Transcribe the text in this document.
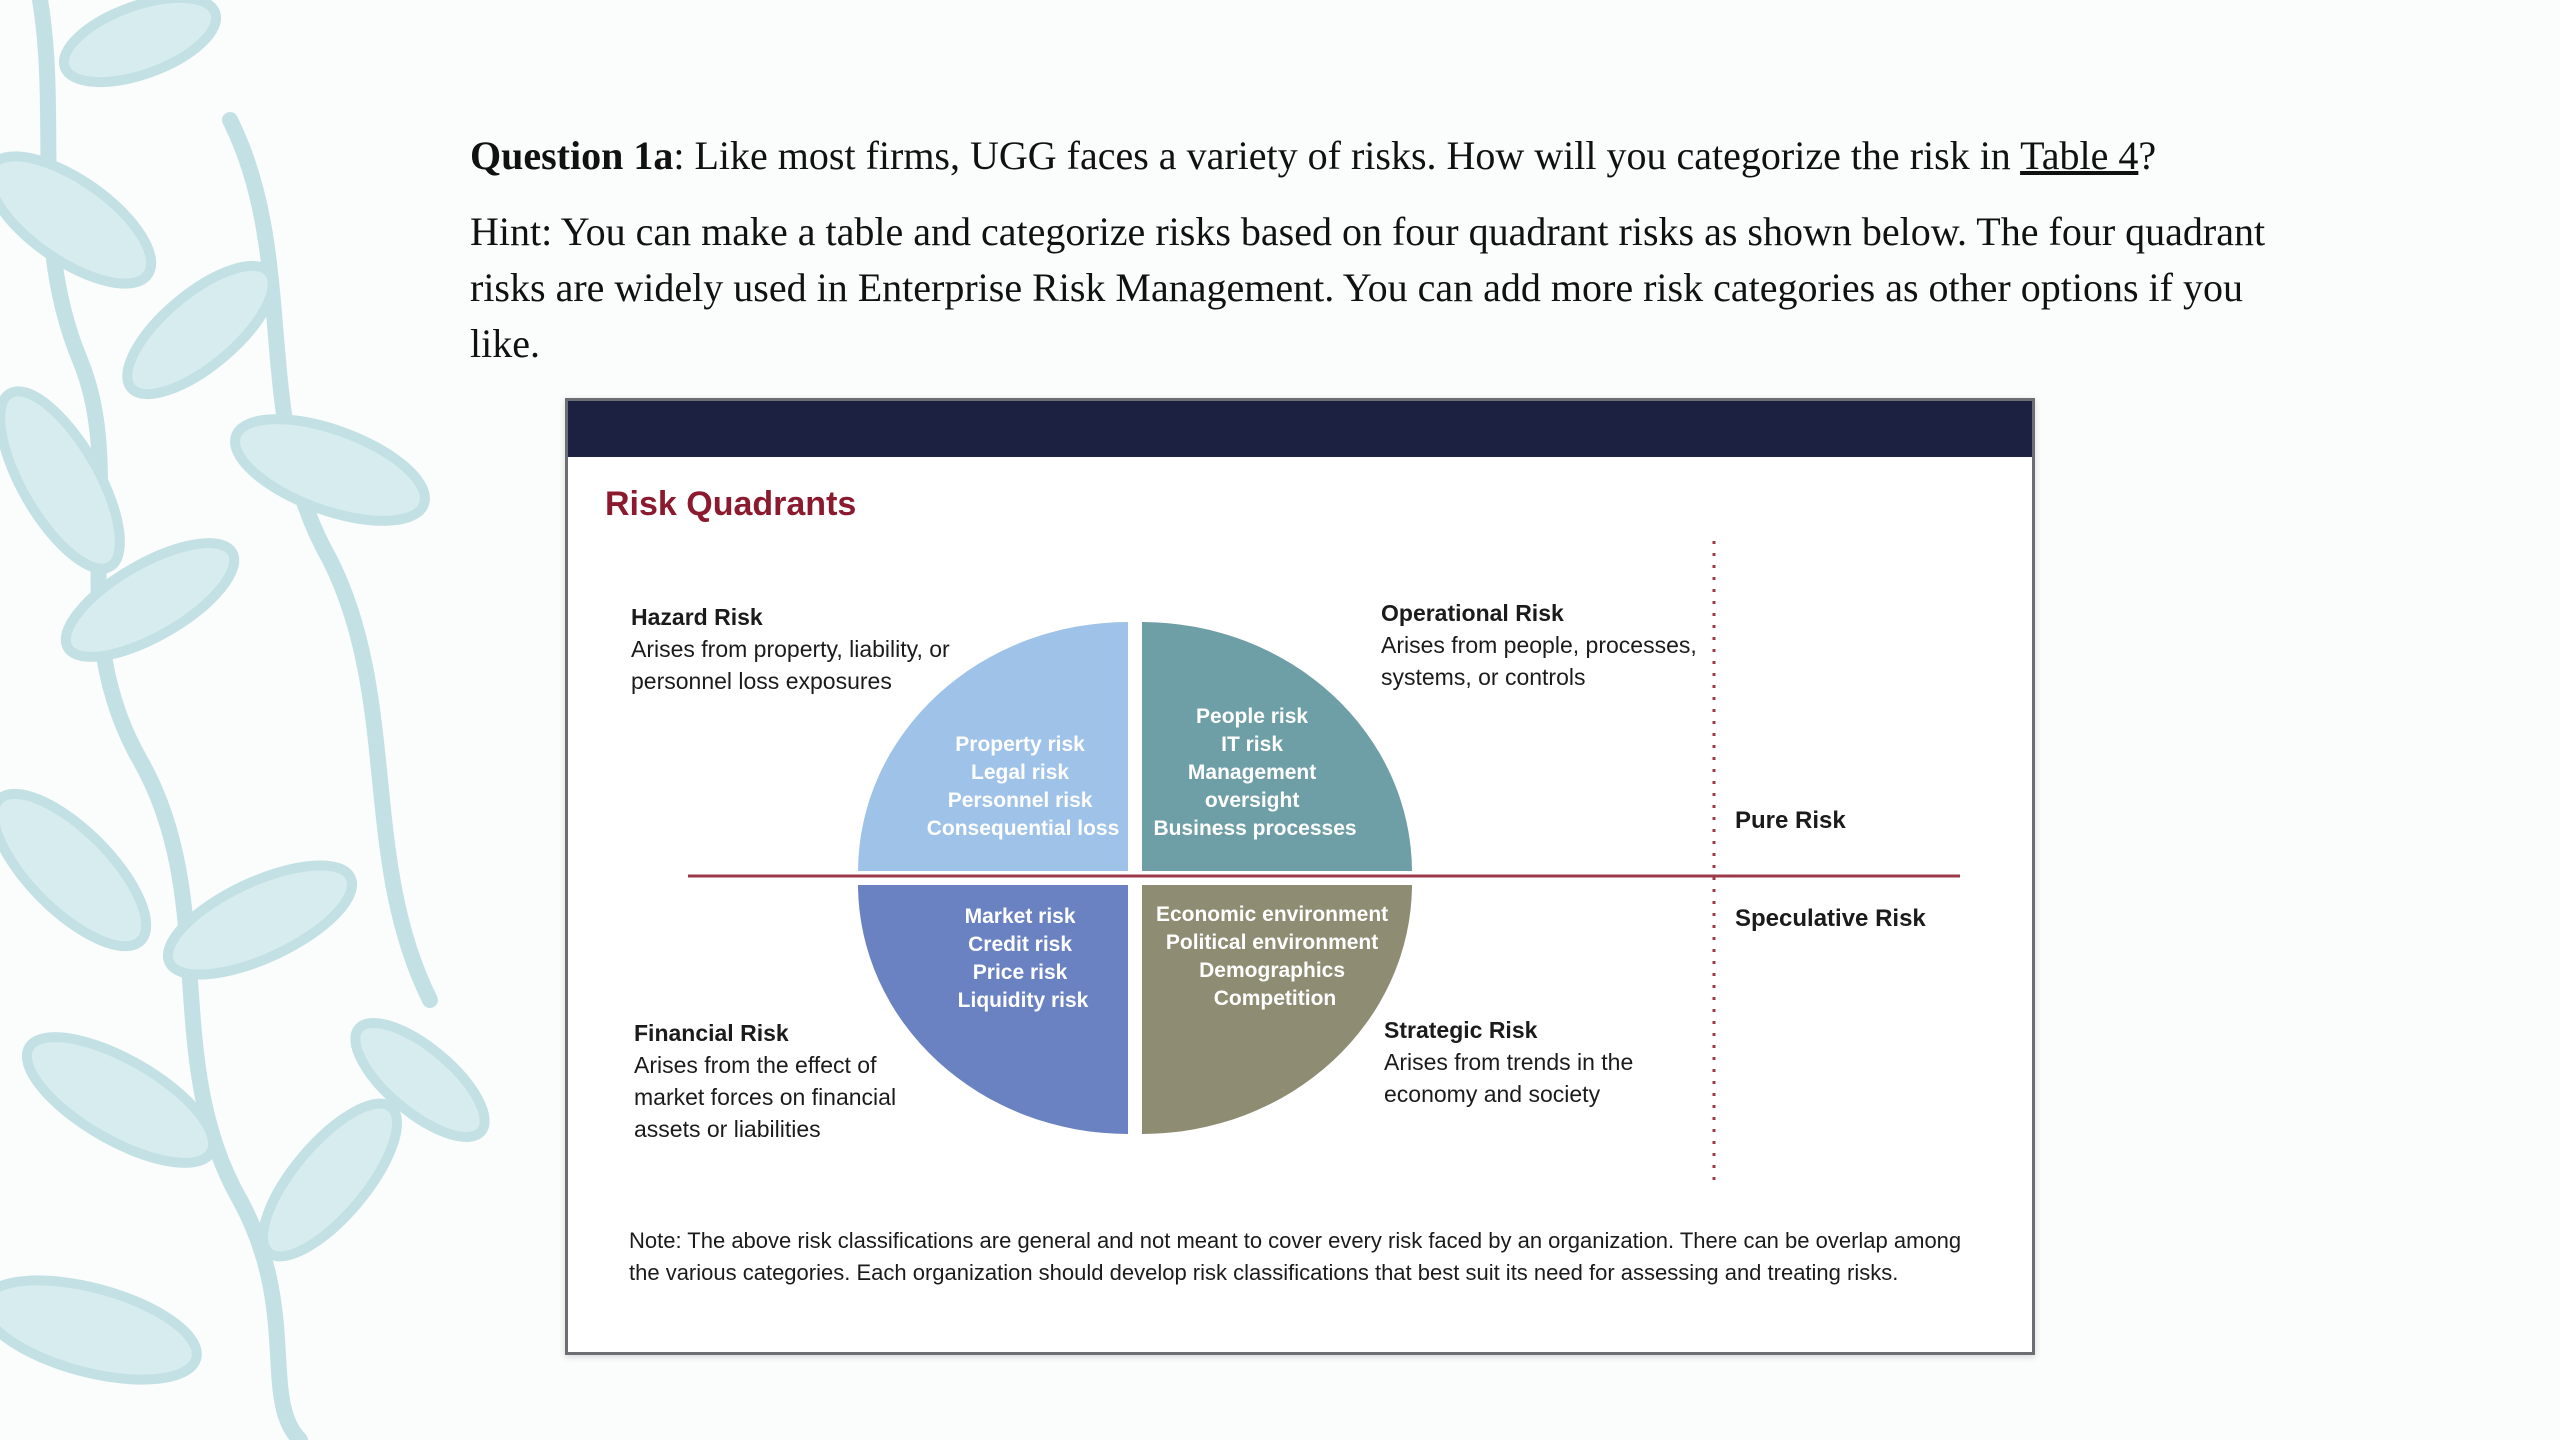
Question 1a: Like most firms, UGG faces a variety of risks. How will you categorize the risk in Table 4?
Hint: You can make a table and categorize risks based on four quadrant risks as shown below. The four quadrant risks are widely used in Enterprise Risk Management. You can add more risk categories as other options if you like.
Risk Quadrants
Property risk Legal risk Personnel risk Consequential loss
People risk IT risk Management oversight Business processes
Market risk Credit risk Price risk Liquidity risk
Economic environment Political environment Demographics Competition
Hazard Risk
Arises from property, liability, or personnel loss exposures
Operational Risk
Arises from people, processes, systems, or controls
Financial Risk
Arises from the effect of market forces on financial assets or liabilities
Strategic Risk
Arises from trends in the economy and society
Pure Risk
Speculative Risk
Note: The above risk classifications are general and not meant to cover every risk faced by an organization. There can be overlap among the various categories. Each organization should develop risk classifications that best suit its need for assessing and treating risks.
